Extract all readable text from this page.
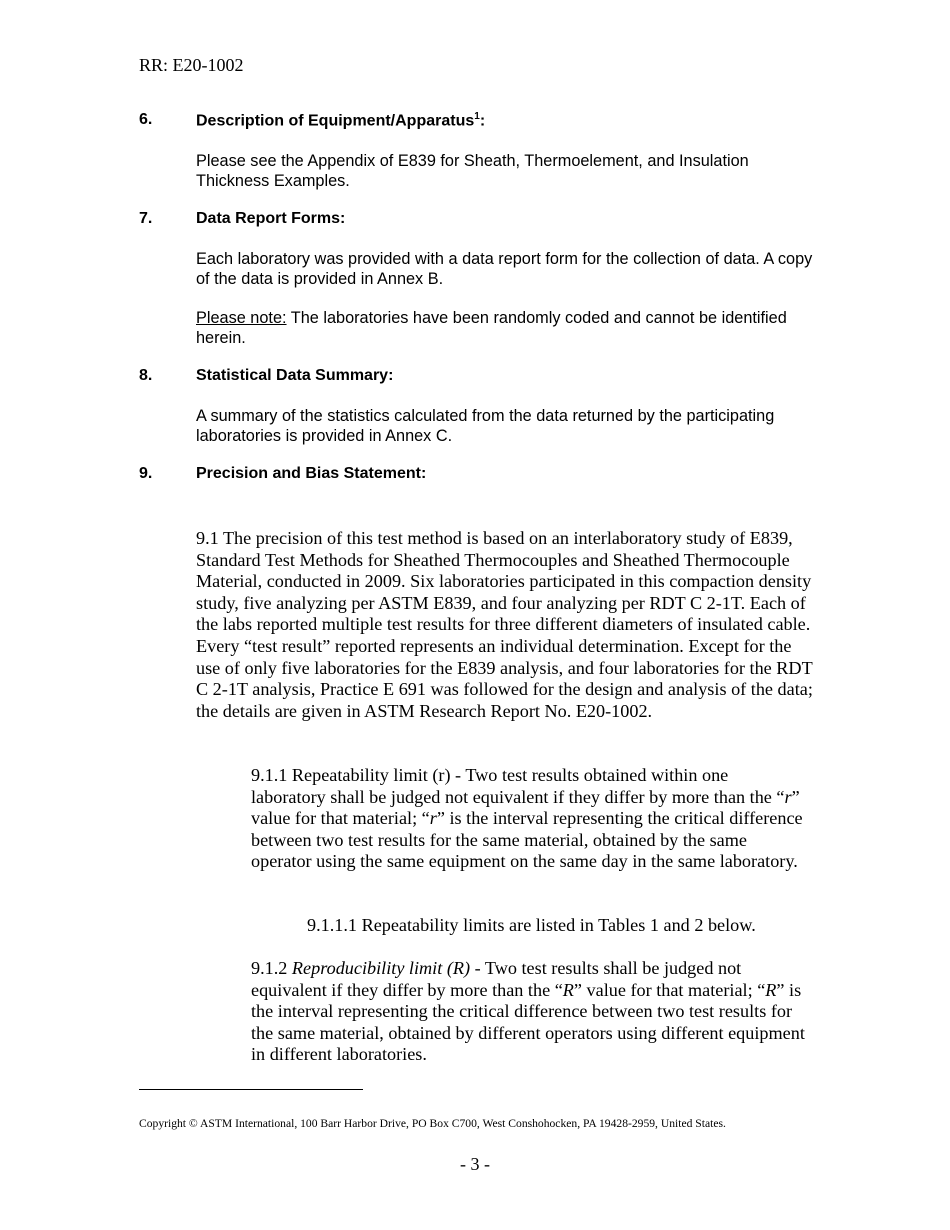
RR: E20-1002
6.	Description of Equipment/Apparatus$^1$:
Please see the Appendix of E839 for Sheath, Thermoelement, and Insulation Thickness Examples.
7.	Data Report Forms:
Each laboratory was provided with a data report form for the collection of data. A copy of the data is provided in Annex B.
Please note: The laboratories have been randomly coded and cannot be identified herein.
8.	Statistical Data Summary:
A summary of the statistics calculated from the data returned by the participating laboratories is provided in Annex C.
9.	Precision and Bias Statement:
9.1 The precision of this test method is based on an interlaboratory study of E839, Standard Test Methods for Sheathed Thermocouples and Sheathed Thermocouple Material, conducted in 2009. Six laboratories participated in this compaction density study, five analyzing per ASTM E839, and four analyzing per RDT C 2-1T. Each of the labs reported multiple test results for three different diameters of insulated cable. Every “test result” reported represents an individual determination. Except for the use of only five laboratories for the E839 analysis, and four laboratories for the RDT C 2-1T analysis, Practice E 691 was followed for the design and analysis of the data; the details are given in ASTM Research Report No. E20-1002.
9.1.1 Repeatability limit (r) - Two test results obtained within one laboratory shall be judged not equivalent if they differ by more than the “r” value for that material; “r” is the interval representing the critical difference between two test results for the same material, obtained by the same operator using the same equipment on the same day in the same laboratory.
9.1.1.1 Repeatability limits are listed in Tables 1 and 2 below.
9.1.2 Reproducibility limit (R) - Two test results shall be judged not equivalent if they differ by more than the “R” value for that material; “R” is the interval representing the critical difference between two test results for the same material, obtained by different operators using different equipment in different laboratories.
Copyright © ASTM International, 100 Barr Harbor Drive, PO Box C700, West Conshohocken, PA 19428-2959, United States.
- 3 -
